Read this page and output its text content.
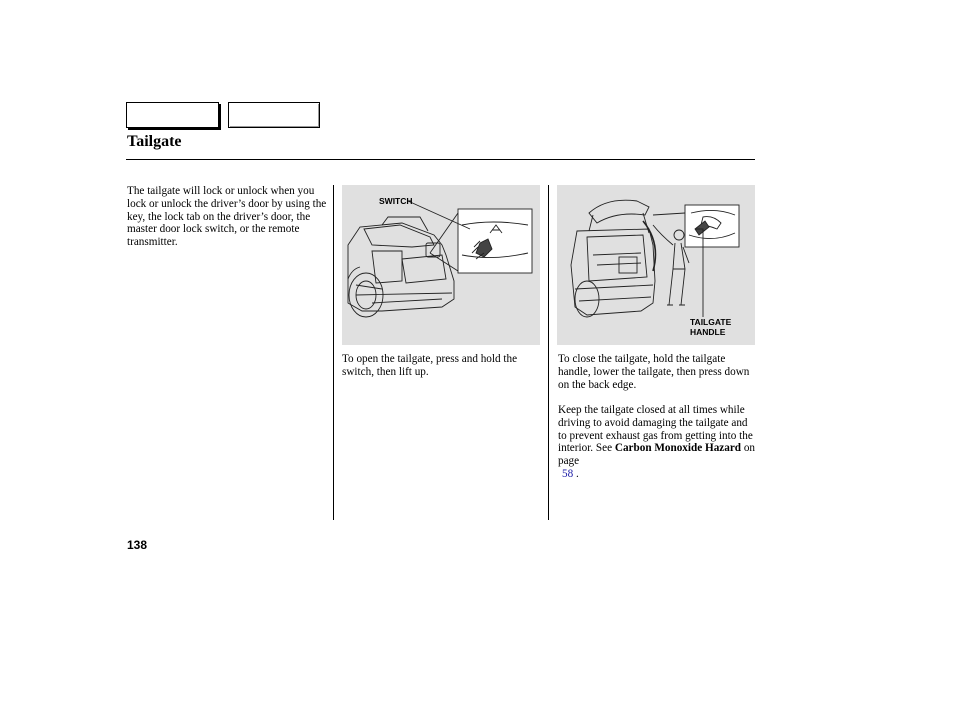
Tailgate
The tailgate will lock or unlock when you lock or unlock the driver’s door by using the key, the lock tab on the driver’s door, the master door lock switch, or the remote transmitter.
SWITCH
To open the tailgate, press and hold the switch, then lift up.
TAILGATE
HANDLE
To close the tailgate, hold the tailgate handle, lower the tailgate, then press down on the back edge.
Keep the tailgate closed at all times while driving to avoid damaging the tailgate and to prevent exhaust gas from getting into the interior. See Carbon Monoxide Hazard on page
58 .
138
